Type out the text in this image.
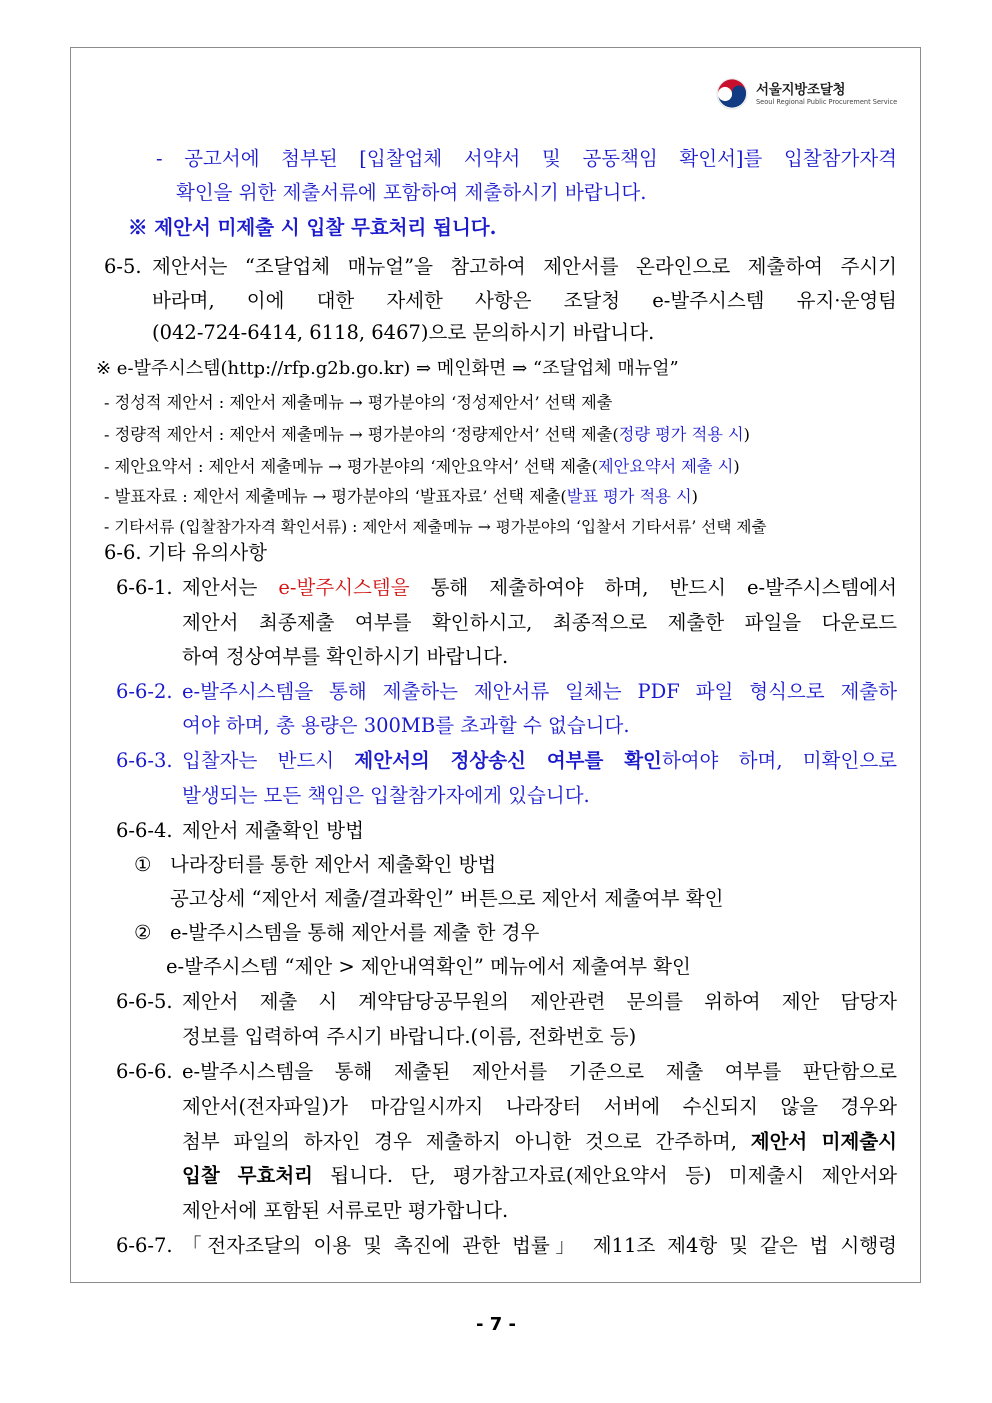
서울지방조달청
Seoul Regional Public Procurement Service
- 공고서에 첨부된 [입찰업체 서약서 및 공동책임 확인서]를 입찰참가자격
확인을 위한 제출서류에 포함하여 제출하시기 바랍니다.
※ 제안서 미제출 시 입찰 무효처리 됩니다.
6-5. 제안서는 “조달업체 매뉴얼”을 참고하여 제안서를 온라인으로 제출하여 주시기
바라며, 이에 대한 자세한 사항은 조달청 e-발주시스템 유지·운영팀
(042-724-6414, 6118, 6467)으로 문의하시기 바랍니다.
※ e-발주시스템(http://rfp.g2b.go.kr) ⇒ 메인화면 ⇒ “조달업체 매뉴얼”
- 정성적 제안서 : 제안서 제출메뉴 → 평가분야의 ‘정성제안서’ 선택 제출
- 정량적 제안서 : 제안서 제출메뉴 → 평가분야의 ‘정량제안서’ 선택 제출(정량 평가 적용 시)
- 제안요약서 : 제안서 제출메뉴 → 평가분야의 ‘제안요약서’ 선택 제출(제안요약서 제출 시)
- 발표자료 : 제안서 제출메뉴 → 평가분야의 ‘발표자료’ 선택 제출(발표 평가 적용 시)
- 기타서류 (입찰참가자격 확인서류) : 제안서 제출메뉴 → 평가분야의 ‘입찰서 기타서류’ 선택 제출
6-6. 기타 유의사항
6-6-1. 제안서는 e-발주시스템을 통해 제출하여야 하며, 반드시 e-발주시스템에서
제안서 최종제출 여부를 확인하시고, 최종적으로 제출한 파일을 다운로드
하여 정상여부를 확인하시기 바랍니다.
6-6-2. e-발주시스템을 통해 제출하는 제안서류 일체는 PDF 파일 형식으로 제출하
여야 하며, 총 용량은 300MB를 초과할 수 없습니다.
6-6-3. 입찰자는 반드시 제안서의 정상송신 여부를 확인하여야 하며, 미확인으로
발생되는 모든 책임은 입찰참가자에게 있습니다.
6-6-4. 제안서 제출확인 방법
① 나라장터를 통한 제안서 제출확인 방법
공고상세 “제안서 제출/결과확인” 버튼으로 제안서 제출여부 확인
② e-발주시스템을 통해 제안서를 제출 한 경우
e-발주시스템 “제안 > 제안내역확인” 메뉴에서 제출여부 확인
6-6-5. 제안서 제출 시 계약담당공무원의 제안관련 문의를 위하여 제안 담당자
정보를 입력하여 주시기 바랍니다.(이름, 전화번호 등)
6-6-6. e-발주시스템을 통해 제출된 제안서를 기준으로 제출 여부를 판단함으로
제안서(전자파일)가 마감일시까지 나라장터 서버에 수신되지 않을 경우와
첨부 파일의 하자인 경우 제출하지 아니한 것으로 간주하며, 제안서 미제출시
입찰 무효처리 됩니다. 단, 평가참고자료(제안요약서 등) 미제출시 제안서와
제안서에 포함된 서류로만 평가합니다.
6-6-7. 「전자조달의 이용 및 촉진에 관한 법률」 제11조 제4항 및 같은 법 시행령
- 7 -
